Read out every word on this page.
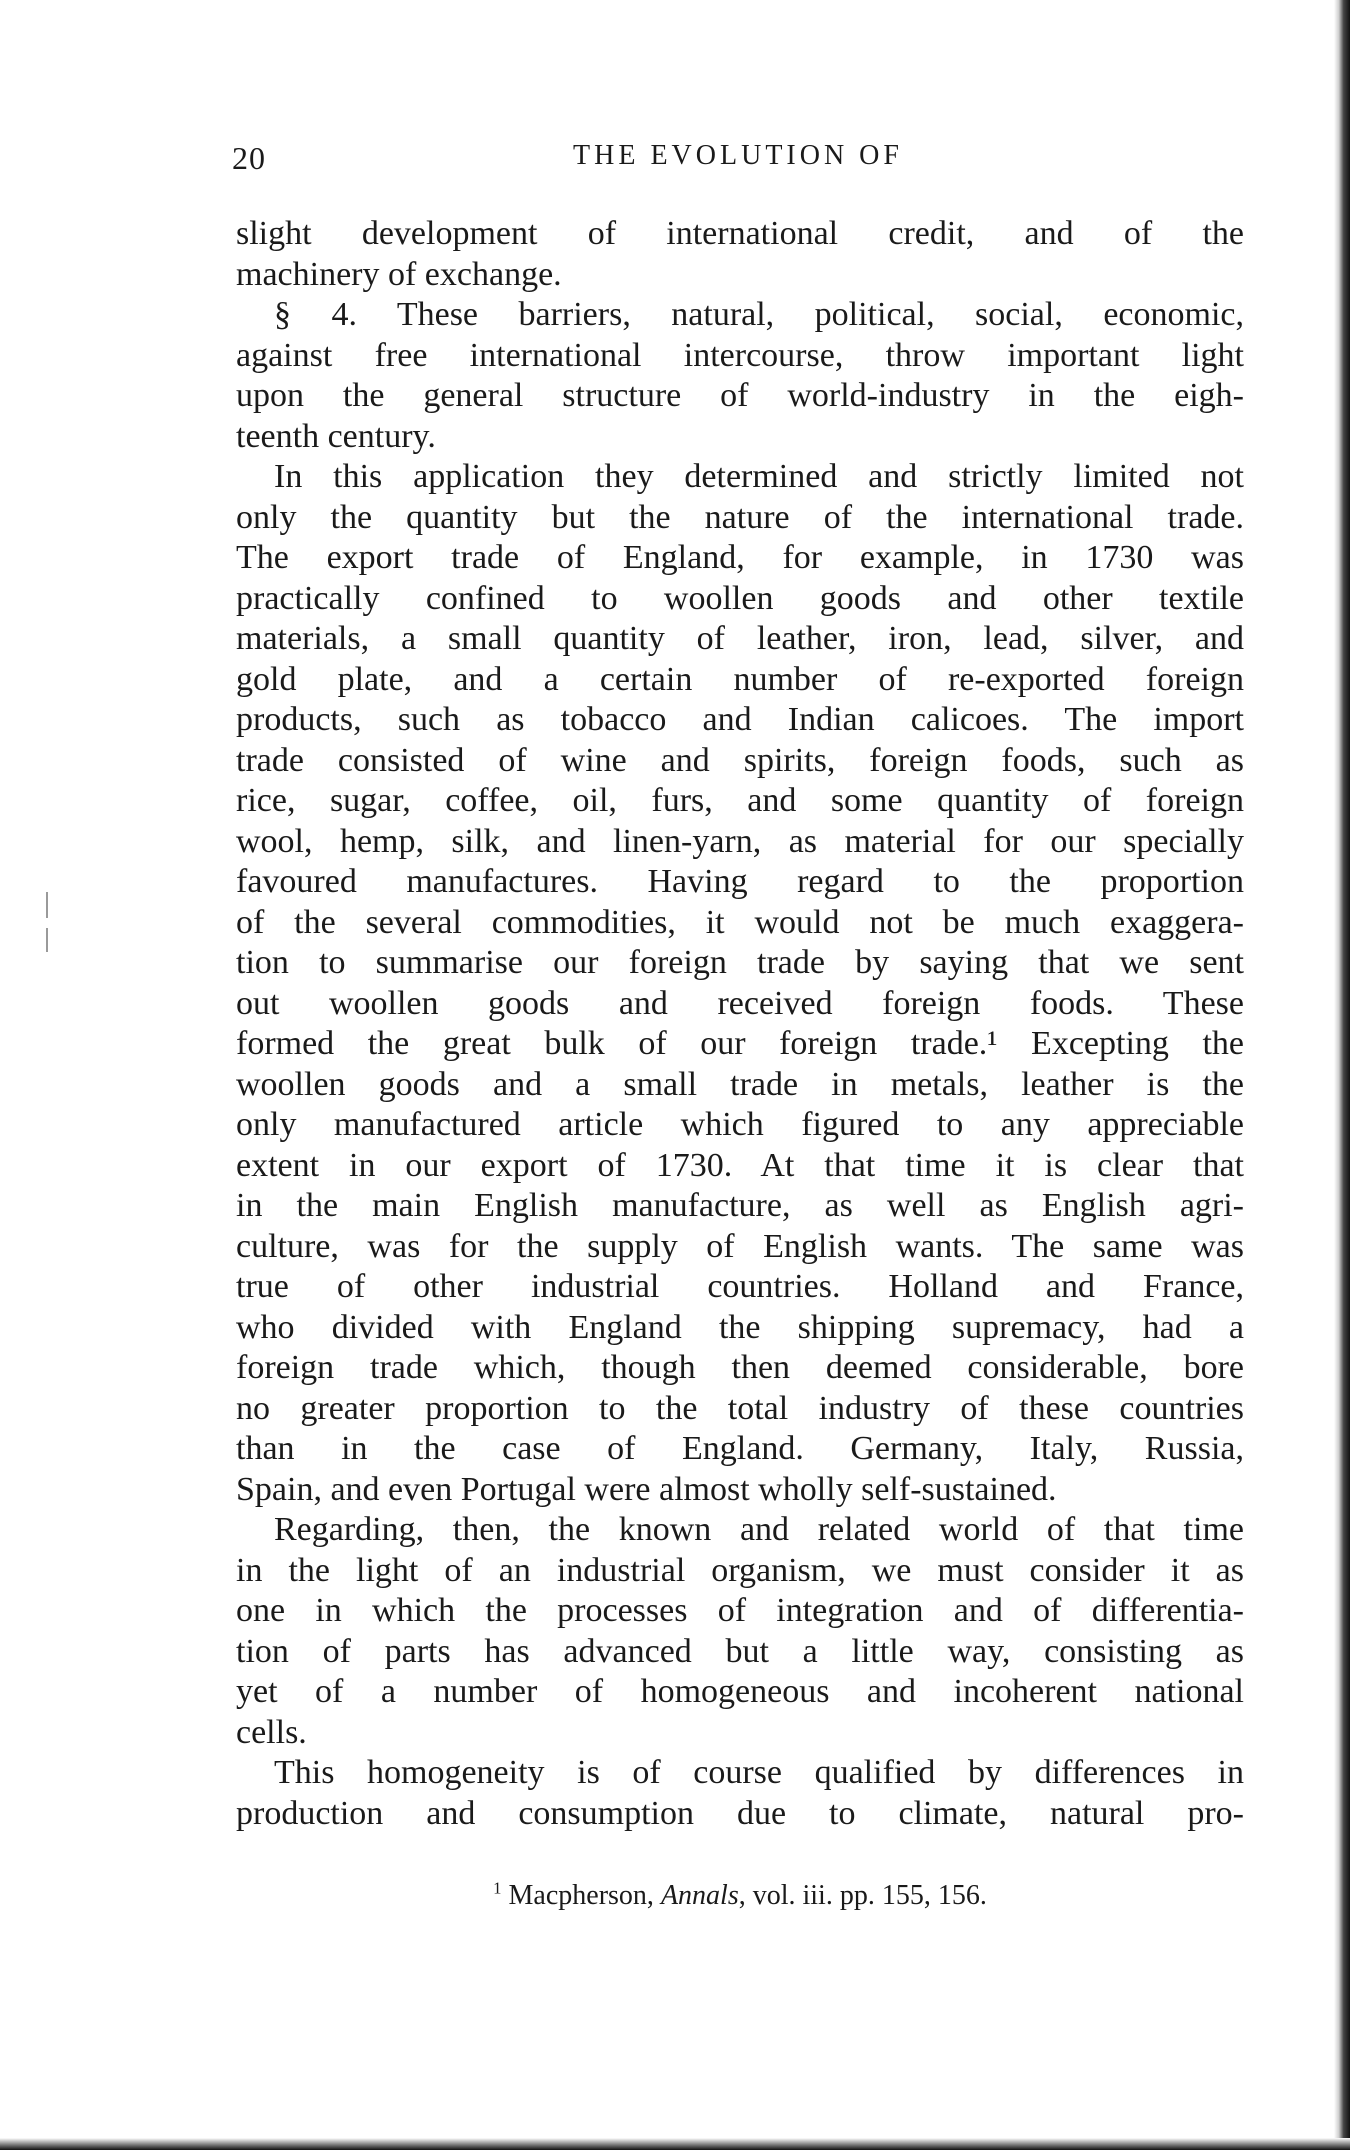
20	THE EVOLUTION OF
slight development of international credit, and of the
machinery of exchange.
§ 4. These barriers, natural, political, social, economic,
against free international intercourse, throw important light
upon the general structure of world-industry in the eigh-
teenth century.
In this application they determined and strictly limited not
only the quantity but the nature of the international trade.
The export trade of England, for example, in 1730 was
practically confined to woollen goods and other textile
materials, a small quantity of leather, iron, lead, silver, and
gold plate, and a certain number of re-exported foreign
products, such as tobacco and Indian calicoes. The import
trade consisted of wine and spirits, foreign foods, such as
rice, sugar, coffee, oil, furs, and some quantity of foreign
wool, hemp, silk, and linen-yarn, as material for our specially
favoured manufactures. Having regard to the proportion
of the several commodities, it would not be much exaggera-
tion to summarise our foreign trade by saying that we sent
out woollen goods and received foreign foods. These
formed the great bulk of our foreign trade.¹ Excepting the
woollen goods and a small trade in metals, leather is the
only manufactured article which figured to any appreciable
extent in our export of 1730. At that time it is clear that
in the main English manufacture, as well as English agri-
culture, was for the supply of English wants. The same was
true of other industrial countries. Holland and France,
who divided with England the shipping supremacy, had a
foreign trade which, though then deemed considerable, bore
no greater proportion to the total industry of these countries
than in the case of England. Germany, Italy, Russia,
Spain, and even Portugal were almost wholly self-sustained.
Regarding, then, the known and related world of that time
in the light of an industrial organism, we must consider it as
one in which the processes of integration and of differentia-
tion of parts has advanced but a little way, consisting as
yet of a number of homogeneous and incoherent national
cells.
This homogeneity is of course qualified by differences in
production and consumption due to climate, natural pro-
$^1$ Macpherson, Annals, vol. iii. pp. 155, 156.
